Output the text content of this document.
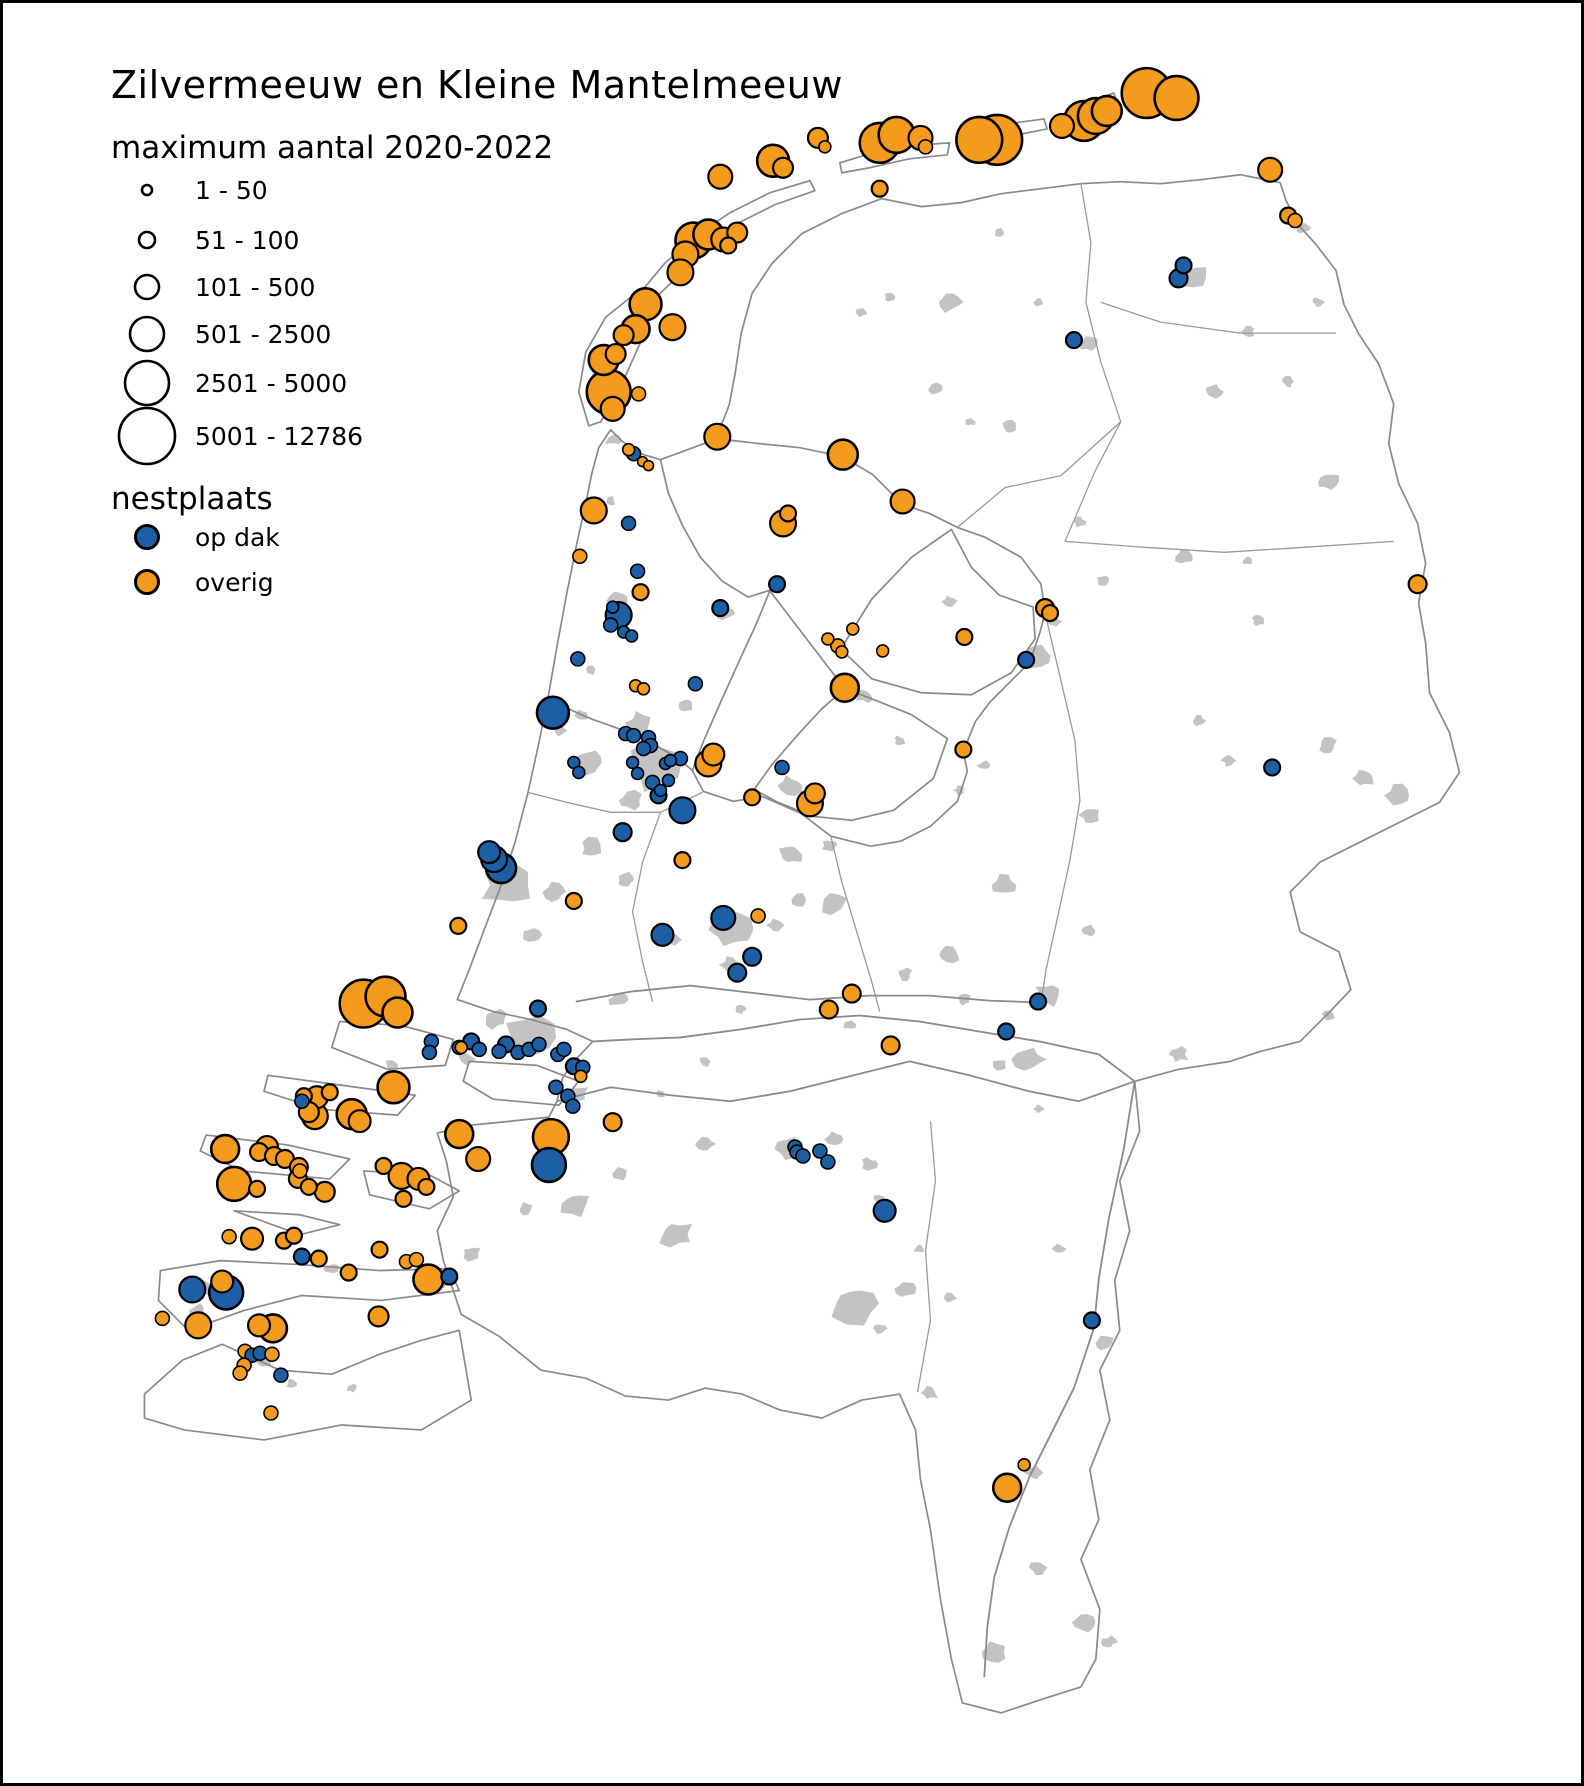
Zilvermeeuw en Kleine Mantelmeeuw
maximum aantal 2020-2022
1 - 50
51 - 100
101 - 500
501 - 2500
2501 - 5000
5001 - 12786
nestplaats
op dak
overig
